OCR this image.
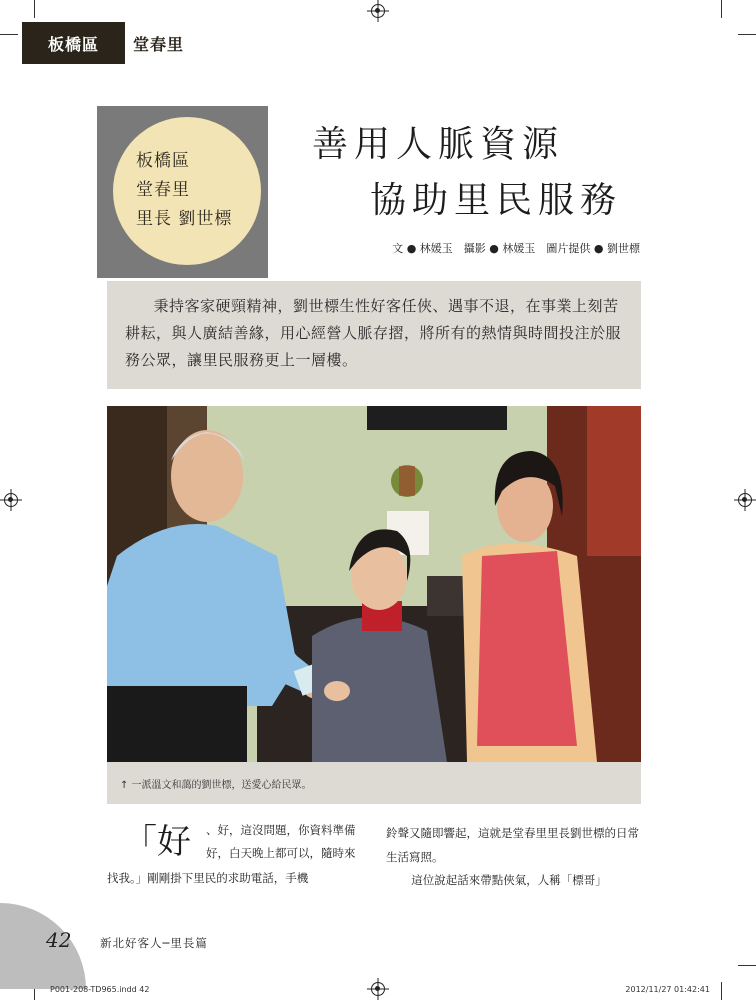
板橋區	堂春里
板橋區
堂春里
里長 劉世標
善用人脈資源
協助里民服務
文 ● 林媛玉　攝影 ● 林媛玉　圖片提供 ● 劉世標
秉持客家硬頸精神，劉世標生性好客任俠、遇事不退，在事業上刻苦耕耘，與人廣結善緣，用心經營人脈存摺，將所有的熱情與時間投注於服務公眾，讓里民服務更上一層樓。
↑ 一派溫文和藹的劉世標，送愛心給民眾。
「好 、好，這沒問題，你資料準備
好，白天晚上都可以，隨時來
找我。」剛剛掛下里民的求助電話，手機

鈴聲又隨即響起，這就是堂春里里長劉世標的日常生活寫照。

這位說起話來帶點俠氣，人稱「標哥」

42 新北好客人─里長篇
P001-208-TD965.indd 42	2012/11/27 01:42:41
